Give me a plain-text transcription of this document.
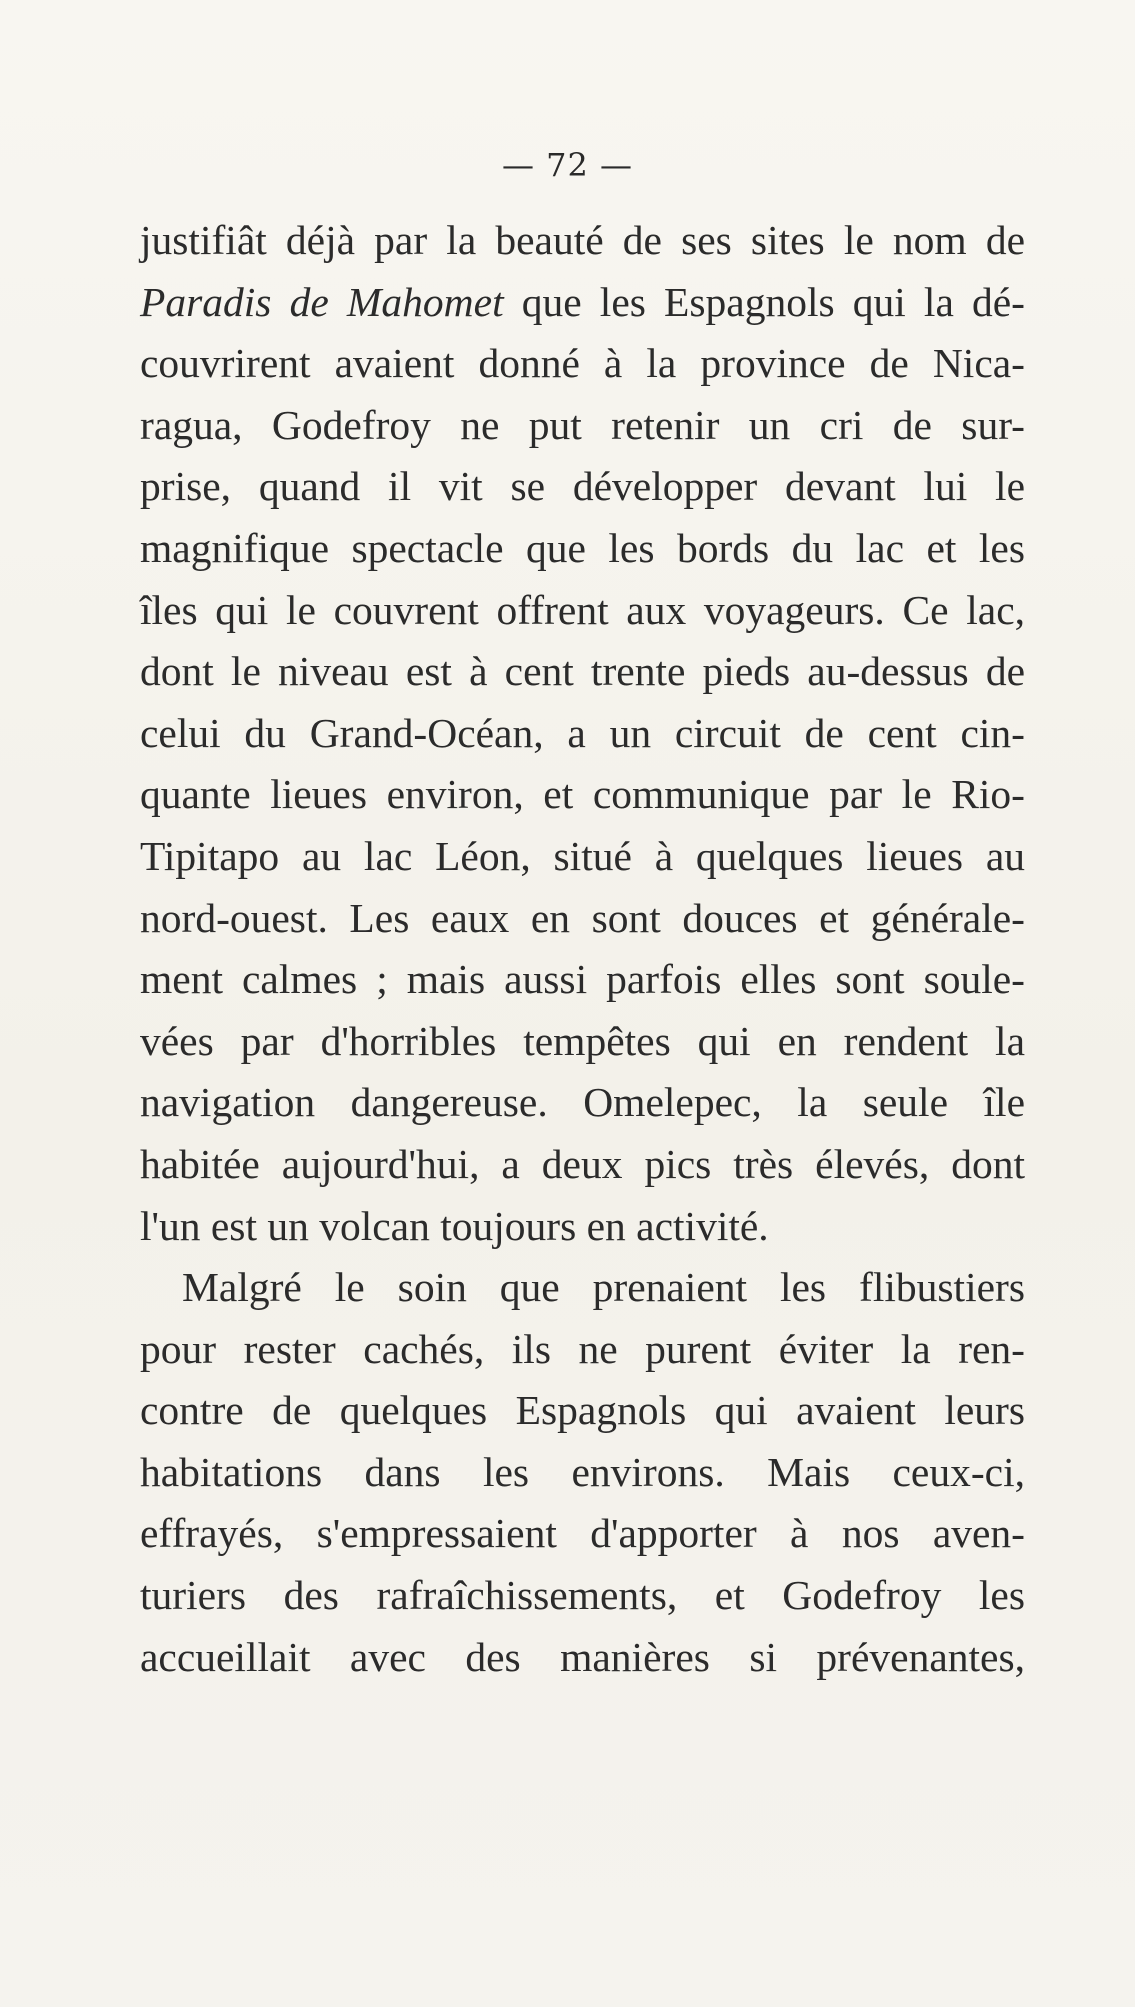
— 72 —
justifiât déjà par la beauté de ses sites le nom de
Paradis de Mahomet que les Espagnols qui la dé-
couvrirent avaient donné à la province de Nica-
ragua, Godefroy ne put retenir un cri de sur-
prise, quand il vit se développer devant lui le
magnifique spectacle que les bords du lac et les
îles qui le couvrent offrent aux voyageurs. Ce lac,
dont le niveau est à cent trente pieds au-dessus de
celui du Grand-Océan, a un circuit de cent cin-
quante lieues environ, et communique par le Rio-
Tipitapo au lac Léon, situé à quelques lieues au
nord-ouest. Les eaux en sont douces et générale-
ment calmes ; mais aussi parfois elles sont soule-
vées par d'horribles tempêtes qui en rendent la
navigation dangereuse. Omelepec, la seule île
habitée aujourd'hui, a deux pics très élevés, dont
l'un est un volcan toujours en activité.
Malgré le soin que prenaient les flibustiers
pour rester cachés, ils ne purent éviter la ren-
contre de quelques Espagnols qui avaient leurs
habitations dans les environs. Mais ceux-ci,
effrayés, s'empressaient d'apporter à nos aven-
turiers des rafraîchissements, et Godefroy les
accueillait avec des manières si prévenantes,
